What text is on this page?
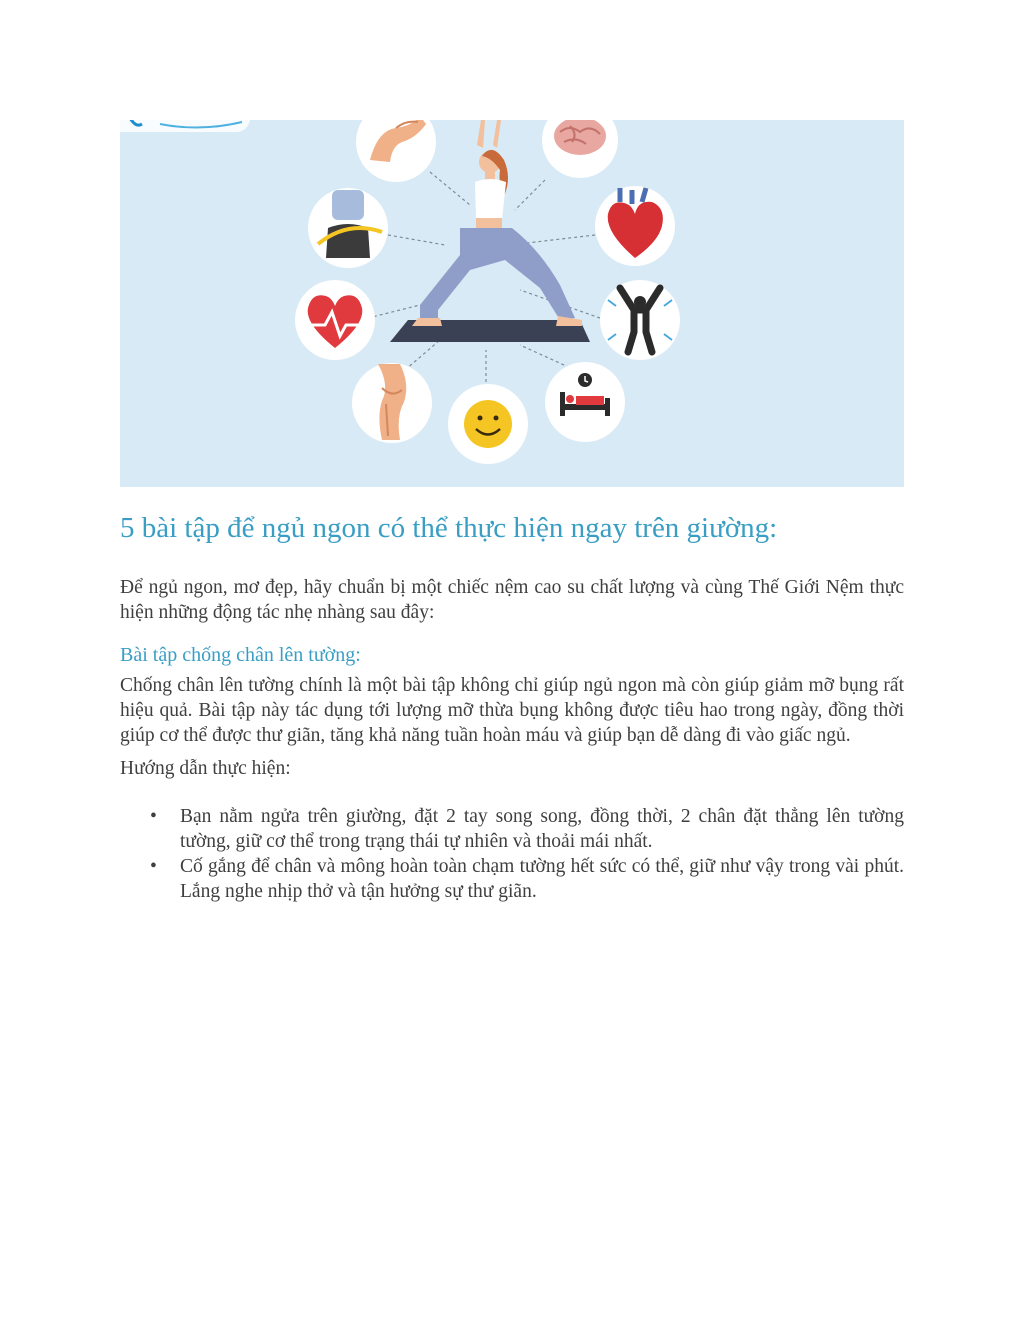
5 bài tập để ngủ ngon có thể thực hiện ngay trên giường:

Để ngủ ngon, mơ đẹp, hãy chuẩn bị một chiếc nệm cao su chất lượng và cùng Thế Giới Nệm thực hiện những động tác nhẹ nhàng sau đây:

Bài tập chống chân lên tường:

Chống chân lên tường chính là một bài tập không chỉ giúp ngủ ngon mà còn giúp giảm mỡ bụng rất hiệu quả. Bài tập này tác dụng tới lượng mỡ thừa bụng không được tiêu hao trong ngày, đồng thời giúp cơ thể được thư giãn, tăng khả năng tuần hoàn máu và giúp bạn dễ dàng đi vào giấc ngủ.

Hướng dẫn thực hiện:

• Bạn nằm ngửa trên giường, đặt 2 tay song song, đồng thời, 2 chân đặt thẳng lên tường tường, giữ cơ thể trong trạng thái tự nhiên và thoải mái nhất.
• Cố gắng để chân và mông hoàn toàn chạm tường hết sức có thể, giữ như vậy trong vài phút. Lắng nghe nhịp thở và tận hưởng sự thư giãn.
